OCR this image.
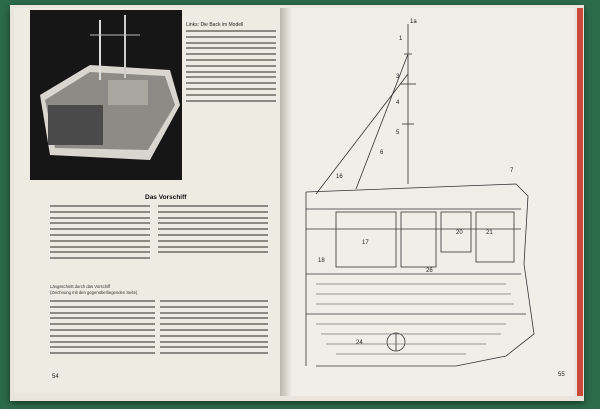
Links: Die Back im Modell
Das Vorschiff
Längsschnitt durch das Vorschiff
(Zeichnung mit den gegenüberliegenden Seite)
54
1a
1
3
4
5
6
16
17
18
20	21
24
7
26
55
